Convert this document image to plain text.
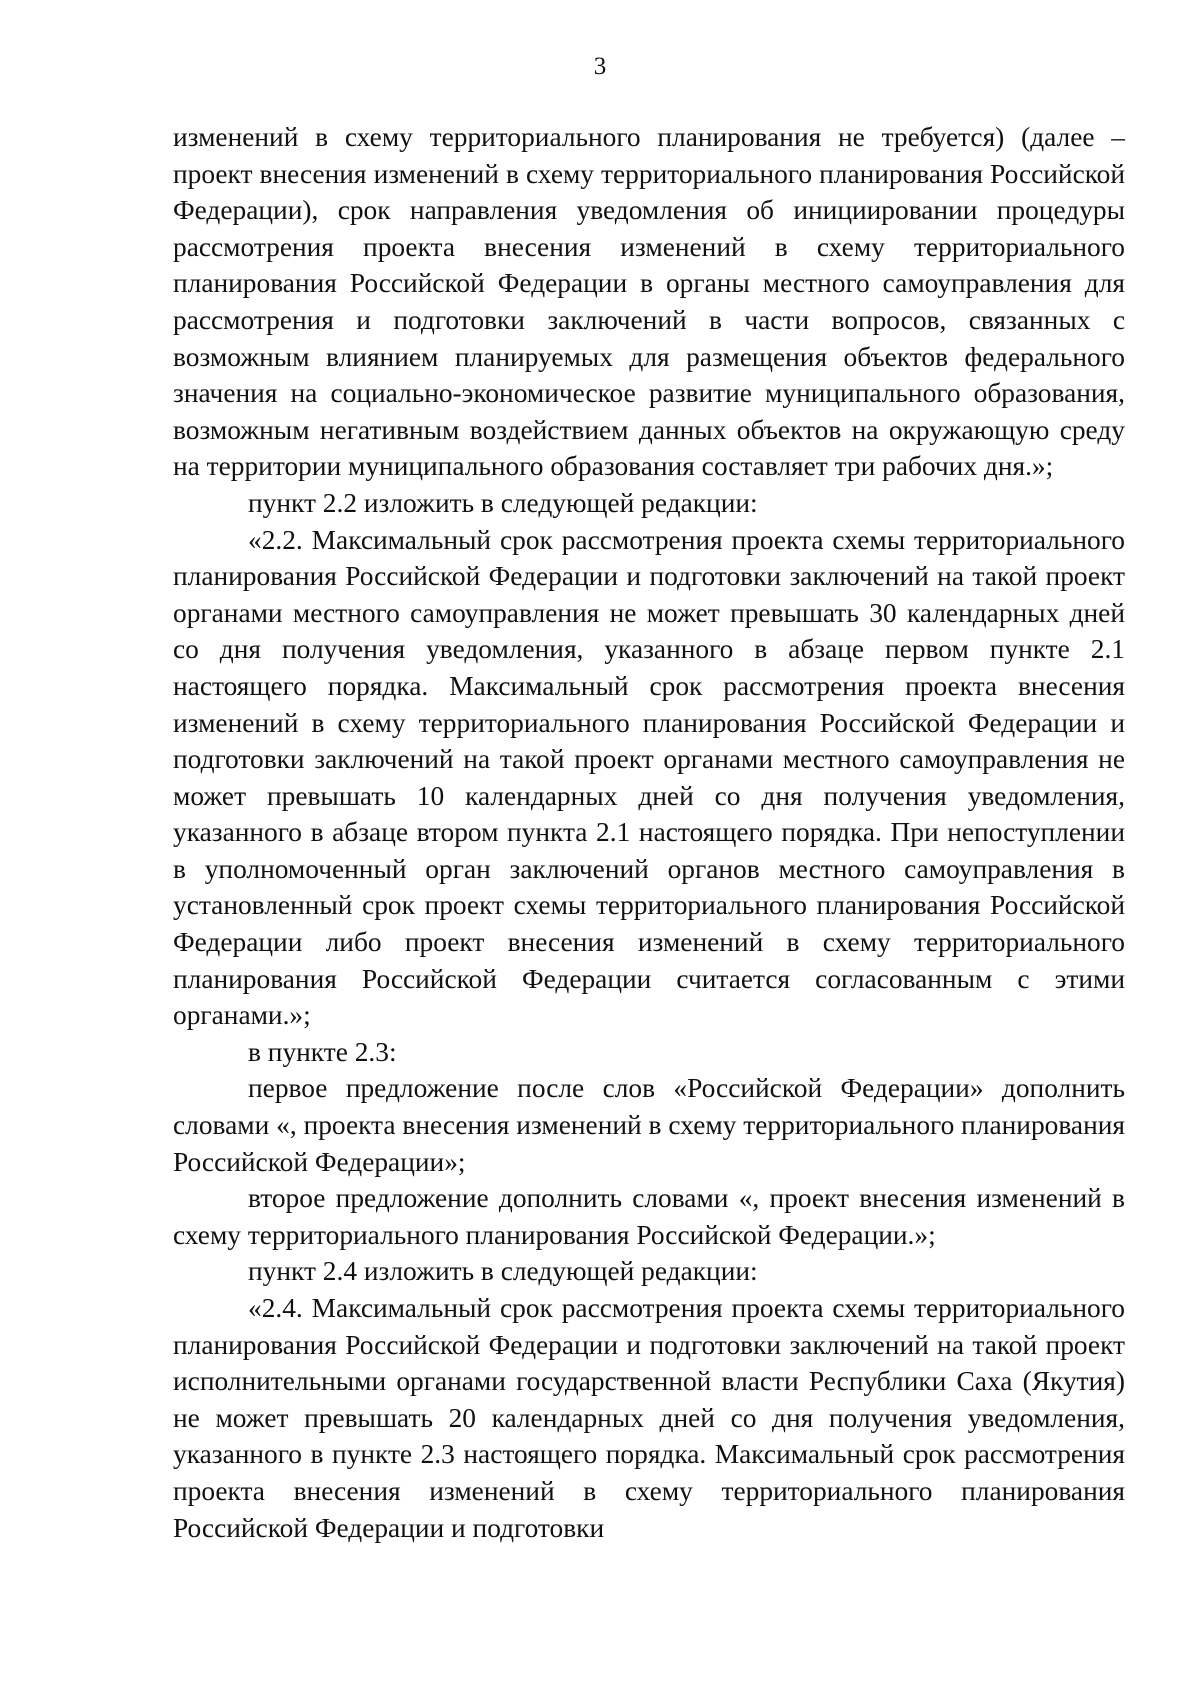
3

изменений в схему территориального планирования не требуется) (далее – проект внесения изменений в схему территориального планирования Российской Федерации), срок направления уведомления об инициировании процедуры рассмотрения проекта внесения изменений в схему территориального планирования Российской Федерации в органы местного самоуправления для рассмотрения и подготовки заключений в части вопросов, связанных с возможным влиянием планируемых для размещения объектов федерального значения на социально-экономическое развитие муниципального образования, возможным негативным воздействием данных объектов на окружающую среду на территории муниципального образования составляет три рабочих дня.»;

пункт 2.2 изложить в следующей редакции:

«2.2. Максимальный срок рассмотрения проекта схемы территориального планирования Российской Федерации и подготовки заключений на такой проект органами местного самоуправления не может превышать 30 календарных дней со дня получения уведомления, указанного в абзаце первом пункте 2.1 настоящего порядка. Максимальный срок рассмотрения проекта внесения изменений в схему территориального планирования Российской Федерации и подготовки заключений на такой проект органами местного самоуправления не может превышать 10 календарных дней со дня получения уведомления, указанного в абзаце втором пункта 2.1 настоящего порядка. При непоступлении в уполномоченный орган заключений органов местного самоуправления в установленный срок проект схемы территориального планирования Российской Федерации либо проект внесения изменений в схему территориального планирования Российской Федерации считается согласованным с этими органами.»;

в пункте 2.3:

первое предложение после слов «Российской Федерации» дополнить словами «, проекта внесения изменений в схему территориального планирования Российской Федерации»;

второе предложение дополнить словами «, проект внесения изменений в схему территориального планирования Российской Федерации.»;

пункт 2.4 изложить в следующей редакции:

«2.4. Максимальный срок рассмотрения проекта схемы территориального планирования Российской Федерации и подготовки заключений на такой проект исполнительными органами государственной власти Республики Саха (Якутия) не может превышать 20 календарных дней со дня получения уведомления, указанного в пункте 2.3 настоящего порядка. Максимальный срок рассмотрения проекта внесения изменений в схему территориального планирования Российской Федерации и подготовки
